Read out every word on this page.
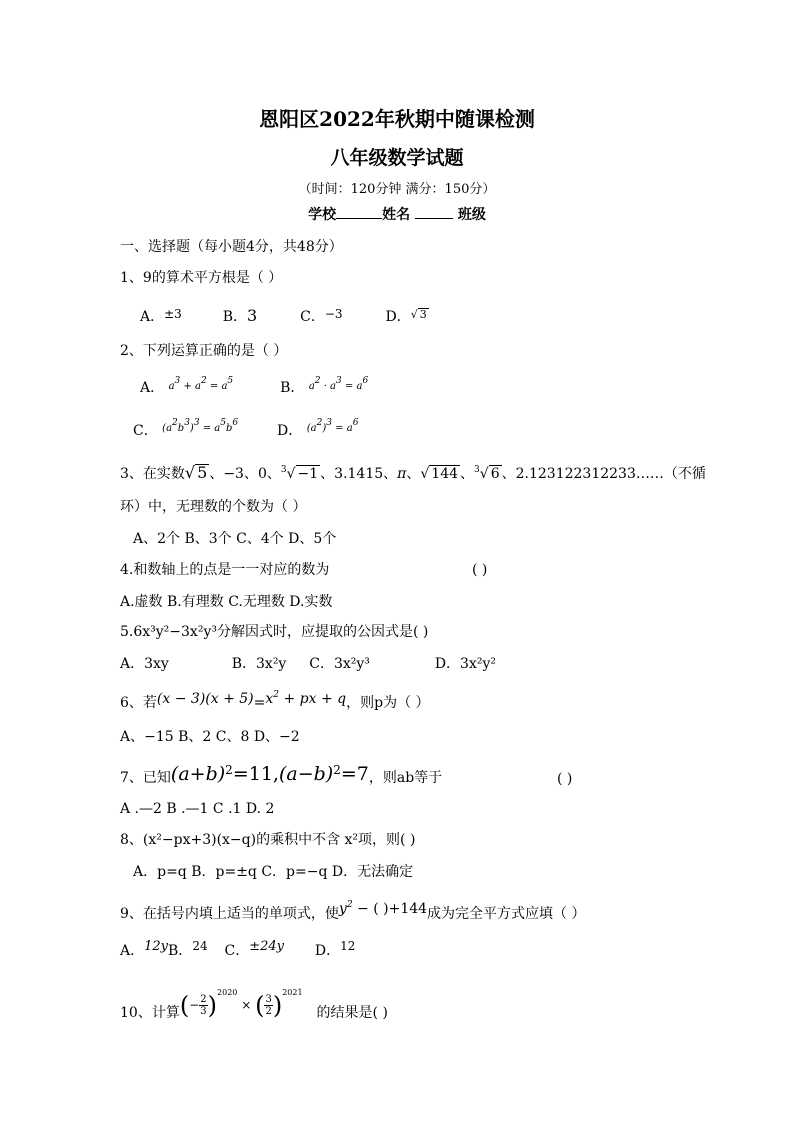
恩阳区2022年秋期中随课检测
八年级数学试题
（时间：120分钟 满分：150分）
学校	姓名	班级
一、选择题（每小题4分，共48分）
1、9的算术平方根是（ ）
A．±3	B．3	C．−3	D．$^{√ 3}$
2、下列运算正确的是（ ）
A． $^{a3 + a2 = a5}$	B． $^{a2 \cdot a3 = a6}$
C． $^{(a2b3)3 = a5b6}$	D． $^{(a2)3 = a6}$
3、在实数√ 5 、−3、0、$^3$√ −1 、3.1415、π、√ 144 、$^3$√ 6 、2.123122312233……（不循
环）中，无理数的个数为（ ）
A、2个 B、3个 C、4个 D、5个
4.和数轴上的点是一一对应的数为	( )
A.虚数 B.有理数 C.无理数 D.实数
5.6x³y²−3x²y³分解因式时，应提取的公因式是( )
A．3xy	B．3x²y C．3x²y³	D．3x²y²
6、若$(x - 3)(x + 5)=x^2$ + px + q，则p为（ ）
A、−15 B、2 C、8 D、−2
7、已知$(a+b)^2=11,(a-b)^2=7$，则ab等于	( )
A .—2 B .—1 C .1 D. 2
8、(x²−px+3)(x−q)的乘积中不含 x²项，则( )
A．p=q B．p=±q C．p=−q D．无法确定
9、在括号内填上适当的单项式，使$y^2$ − ( )+144成为完全平方式应填（ ）
A．12yB．24 C．±24y D．12
10、计算(− $\frac{2}{3} )^{2020}$ × ( $\frac{3}{2} )^{2021}$的结果是( )
